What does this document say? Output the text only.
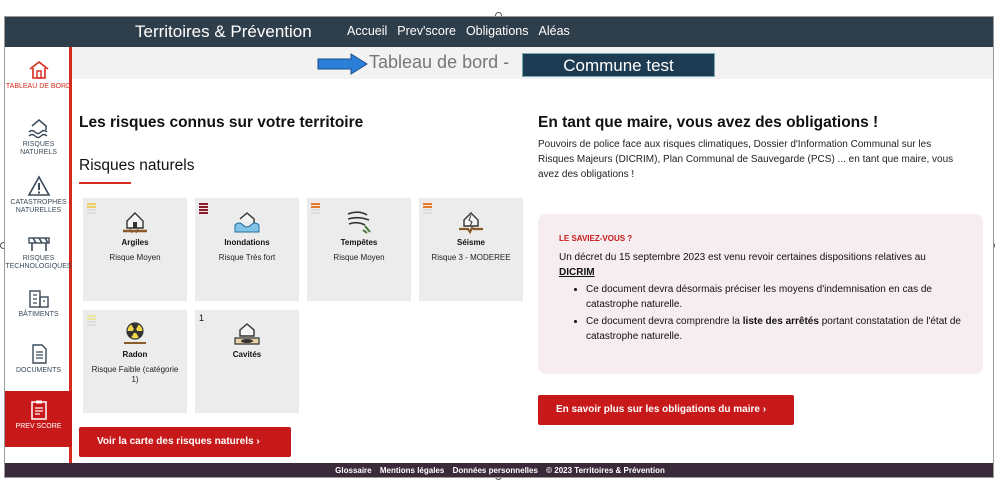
Territoires & Prévention	Accueil Prev'score Obligations Aléas
TABLEAU DE BORD
RISQUES NATURELS
CATASTROPHES NATURELLES
RISQUES TECHNOLOGIQUES
BÂTIMENTS
DOCUMENTS
PREV SCORE
Tableau de bord -	Commune test
Les risques connus sur votre territoire
Risques naturels
Argiles
Risque Moyen
Inondations
Risque Très fort
Tempêtes
Risque Moyen
Séisme
Risque 3 - MODEREE
Radon
Risque Faible (catégorie 1)
1
Cavités
Voir la carte des risques naturels ›
En tant que maire, vous avez des obligations !
Pouvoirs de police face aux risques climatiques, Dossier d'Information Communal sur les Risques Majeurs (DICRIM), Plan Communal de Sauvegarde (PCS) ... en tant que maire, vous avez des obligations !
LE SAVIEZ-VOUS ?
Un décret du 15 septembre 2023 est venu revoir certaines dispositions relatives au
DICRIM
• Ce document devra désormais préciser les moyens d'indemnisation en cas de catastrophe naturelle.
• Ce document devra comprendre la liste des arrêtés portant constatation de l'état de catastrophe naturelle.
En savoir plus sur les obligations du maire ›
Glossaire Mentions légales Données personnelles © 2023 Territoires & Prévention
